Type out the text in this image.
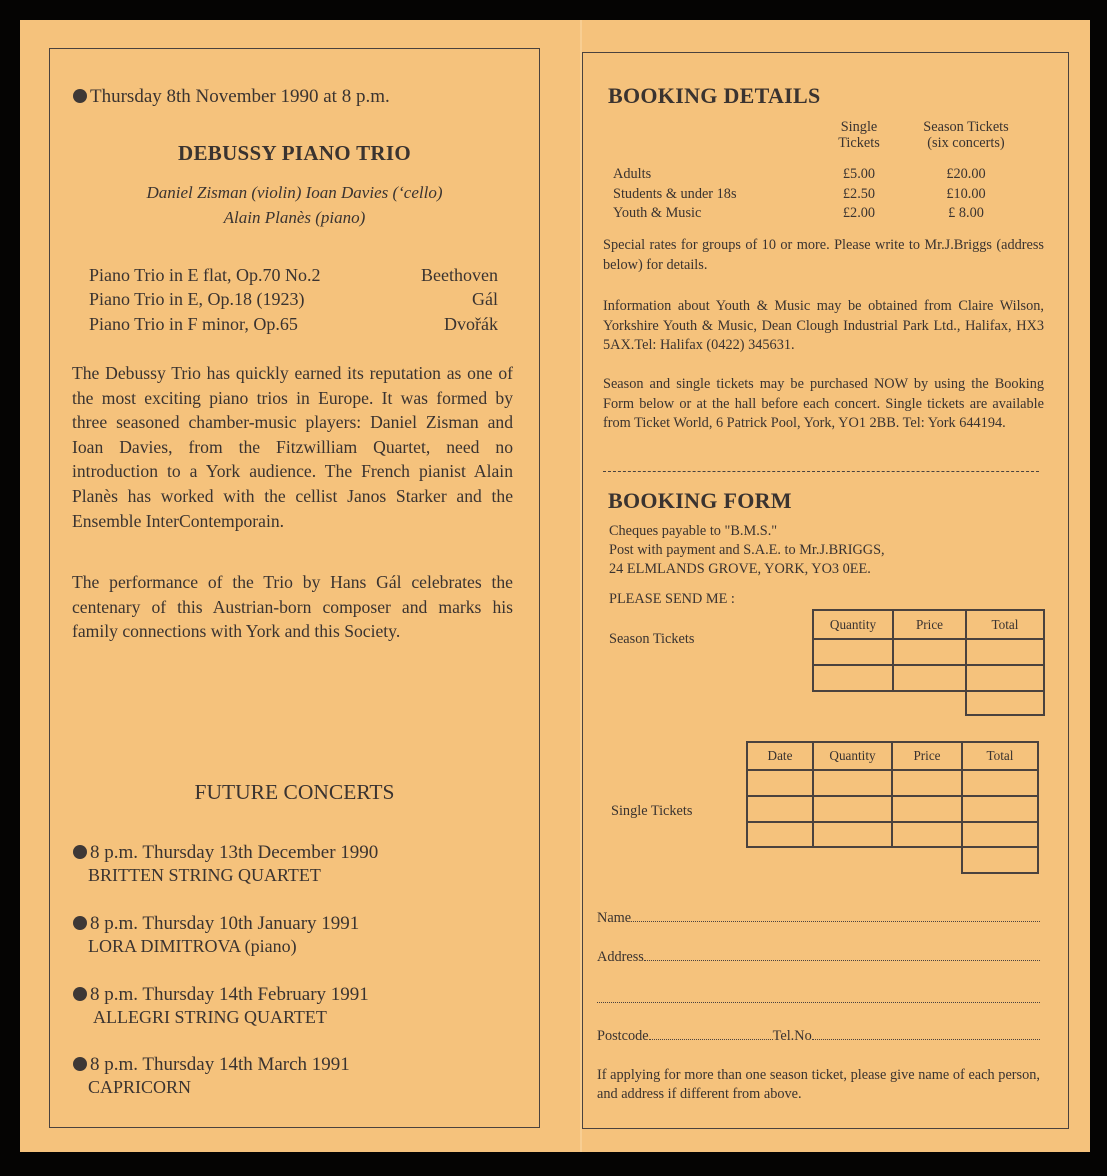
Thursday 8th November 1990 at 8 p.m.
DEBUSSY PIANO TRIO
Daniel Zisman (violin) Ioan Davies (‘cello)
Alain Planès (piano)
Piano Trio in E flat, Op.70 No.2	Beethoven
Piano Trio in E, Op.18 (1923)	Gál
Piano Trio in F minor, Op.65	Dvořák
The Debussy Trio has quickly earned its reputation as one of the most exciting piano trios in Europe. It was formed by three seasoned chamber-music players: Daniel Zisman and Ioan Davies, from the Fitzwilliam Quartet, need no introduction to a York audience. The French pianist Alain Planès has worked with the cellist Janos Starker and the Ensemble InterContemporain.
The performance of the Trio by Hans Gál celebrates the centenary of this Austrian-born composer and marks his family connections with York and this Society.
FUTURE CONCERTS
8 p.m. Thursday 13th December 1990
BRITTEN STRING QUARTET
8 p.m. Thursday 10th January 1991
LORA DIMITROVA (piano)
8 p.m. Thursday 14th February 1991
ALLEGRI STRING QUARTET
8 p.m. Thursday 14th March 1991
CAPRICORN
BOOKING DETAILS
Single
Tickets
Season Tickets
(six concerts)
Adults	£5.00	£20.00
Students & under 18s	£2.50	£10.00
Youth & Music	£2.00	£ 8.00
Special rates for groups of 10 or more. Please write to Mr.J.Briggs (address below) for details.
Information about Youth & Music may be obtained from Claire Wilson, Yorkshire Youth & Music, Dean Clough Industrial Park Ltd., Halifax, HX3 5AX.Tel: Halifax (0422) 345631.
Season and single tickets may be purchased NOW by using the Booking Form below or at the hall before each concert. Single tickets are available from Ticket World, 6 Patrick Pool, York, YO1 2BB. Tel: York 644194.
BOOKING FORM
Cheques payable to "B.M.S."
Post with payment and S.A.E. to Mr.J.BRIGGS,
24 ELMLANDS GROVE, YORK, YO3 0EE.
PLEASE SEND ME :
Season Tickets
Quantity	Price	Total

Single Tickets
Date	Quantity	Price	Total

Name
Address
Postcode	Tel.No
If applying for more than one season ticket, please give name of each person, and address if different from above.
